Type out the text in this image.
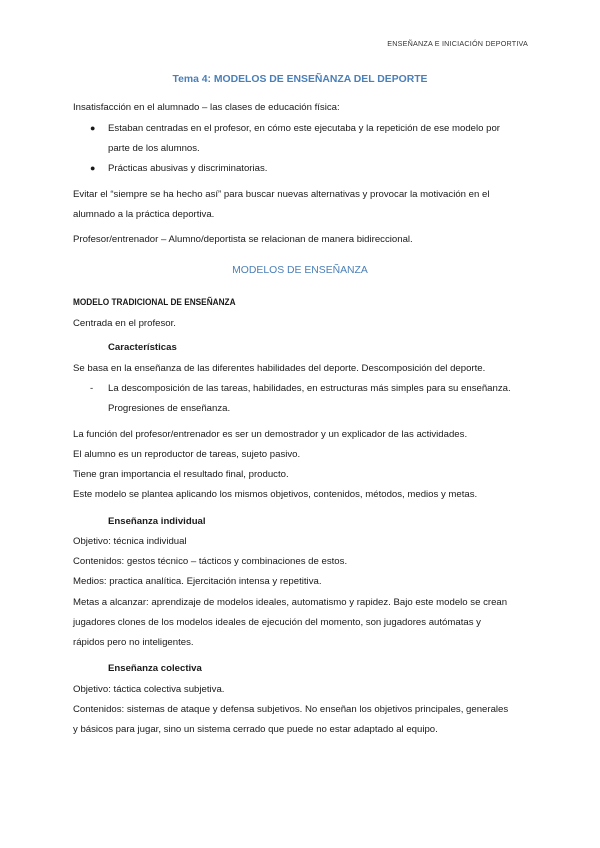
ENSEÑANZA E INICIACIÓN DEPORTIVA
Tema 4: MODELOS DE ENSEÑANZA DEL DEPORTE
Insatisfacción en el alumnado – las clases de educación física:
● Estaban centradas en el profesor, en cómo este ejecutaba y la repetición de ese modelo por
parte de los alumnos.
● Prácticas abusivas y discriminatorias.
Evitar el “siempre se ha hecho así” para buscar nuevas alternativas y provocar la motivación en el
alumnado a la práctica deportiva.
Profesor/entrenador – Alumno/deportista se relacionan de manera bidireccional.
MODELOS DE ENSEÑANZA
MODELO TRADICIONAL DE ENSEÑANZA
Centrada en el profesor.
Características
Se basa en la enseñanza de las diferentes habilidades del deporte. Descomposición del deporte.
- La descomposición de las tareas, habilidades, en estructuras más simples para su enseñanza.
Progresiones de enseñanza.
La función del profesor/entrenador es ser un demostrador y un explicador de las actividades.
El alumno es un reproductor de tareas, sujeto pasivo.
Tiene gran importancia el resultado final, producto.
Este modelo se plantea aplicando los mismos objetivos, contenidos, métodos, medios y metas.
Enseñanza individual
Objetivo: técnica individual
Contenidos: gestos técnico – tácticos y combinaciones de estos.
Medios: practica analítica. Ejercitación intensa y repetitiva.
Metas a alcanzar: aprendizaje de modelos ideales, automatismo y rapidez. Bajo este modelo se crean
jugadores clones de los modelos ideales de ejecución del momento, son jugadores autómatas y
rápidos pero no inteligentes.
Enseñanza colectiva
Objetivo: táctica colectiva subjetiva.
Contenidos: sistemas de ataque y defensa subjetivos. No enseñan los objetivos principales, generales
y básicos para jugar, sino un sistema cerrado que puede no estar adaptado al equipo.
